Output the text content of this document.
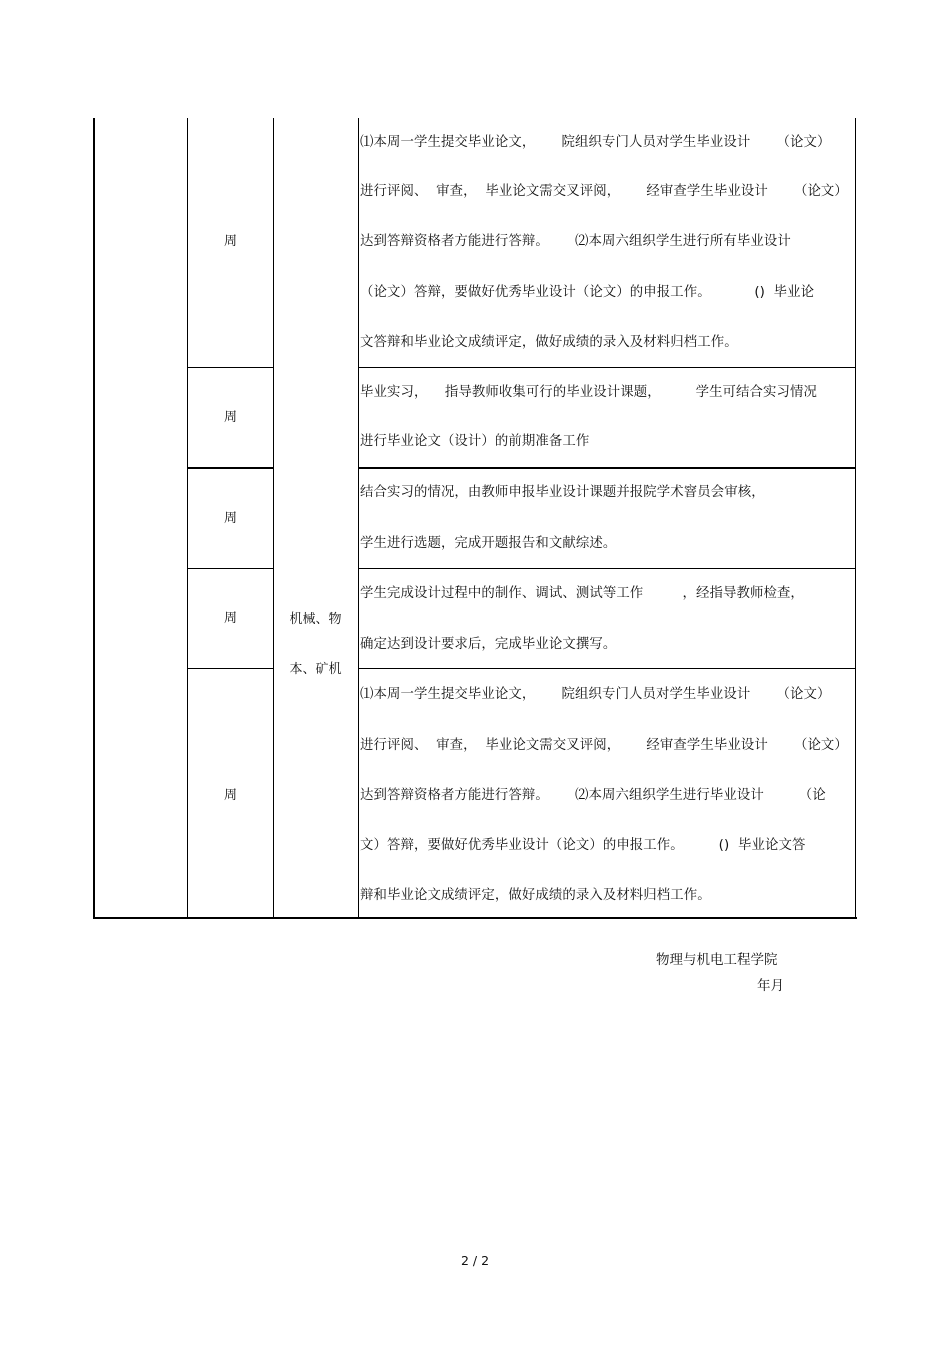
周
周
周
周
周
机械、物
本、矿机
⑴本周一学生提交毕业论文，      院组织专门人员对学生毕业设计      （论文）
进行评阅、  审查，  毕业论文需交叉评阅，      经审查学生毕业设计      （论文）
达到答辩资格者方能进行答辩。      ⑵本周六组织学生进行所有毕业设计
（论文）答辩，要做好优秀毕业设计（论文）的申报工作。          ()  毕业论
文答辩和毕业论文成绩评定，做好成绩的录入及材料归档工作。
毕业实习，    指导教师收集可行的毕业设计课题，        学生可结合实习情况
进行毕业论文（设计）的前期准备工作
结合实习的情况，由教师申报毕业设计课题并报院学术窨员会审核，
学生进行选题，完成开题报告和文献综述。
学生完成设计过程中的制作、调试、测试等工作         ，经指导教师检查，
确定达到设计要求后，完成毕业论文撰写。
⑴本周一学生提交毕业论文，      院组织专门人员对学生毕业设计      （论文）
进行评阅、  审查，  毕业论文需交叉评阅，      经审查学生毕业设计      （论文）
达到答辩资格者方能进行答辩。      ⑵本周六组织学生进行毕业设计        （论
文）答辩，要做好优秀毕业设计（论文）的申报工作。        ()  毕业论文答
辩和毕业论文成绩评定，做好成绩的录入及材料归档工作。
物理与机电工程学院
年月
2 / 2
